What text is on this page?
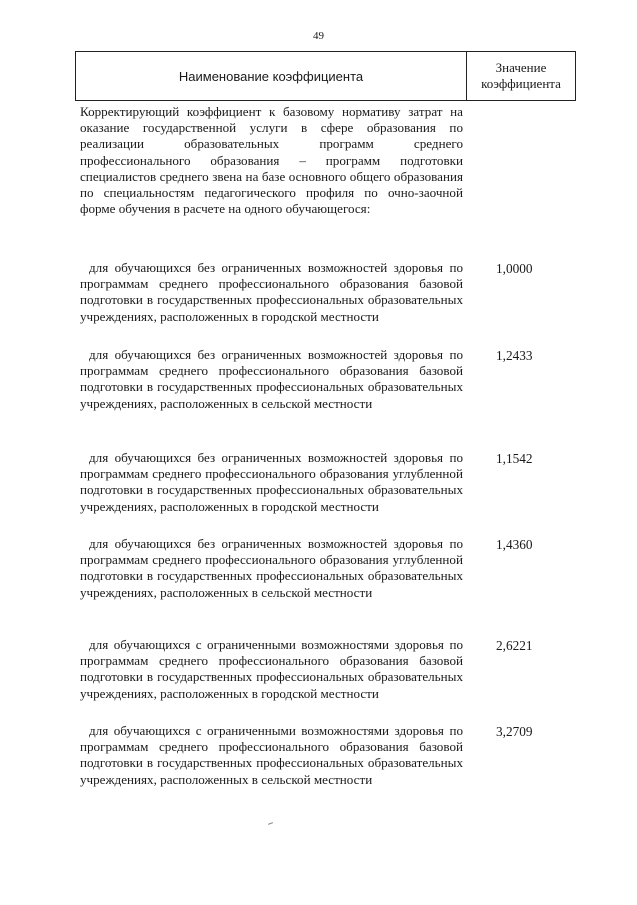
49
Наименование коэффициента
Значение
коэффициента

Корректирующий коэффициент к базовому нормативу затрат на оказание государственной услуги в сфере образования по реализации образовательных программ среднего профессионального образования – программ подготовки специалистов среднего звена на базе основного общего образования по специальностям педагогического профиля по очно-заочной форме обучения в расчете на одного обучающегося:

для обучающихся без ограниченных возможностей здоровья по программам среднего профессионального образования базовой подготовки в государственных профессиональных образовательных учреждениях, расположенных в городской местности

1,0000

для обучающихся без ограниченных возможностей здоровья по программам среднего профессионального образования базовой подготовки в государственных профессиональных образовательных учреждениях, расположенных в сельской местности

1,2433

для обучающихся без ограниченных возможностей здоровья по программам среднего профессионального образования углубленной подготовки в государственных профессиональных образовательных учреждениях, расположенных в городской местности

1,1542

для обучающихся без ограниченных возможностей здоровья по программам среднего профессионального образования углубленной подготовки в государственных профессиональных образовательных учреждениях, расположенных в сельской местности

1,4360

для обучающихся с ограниченными возможностями здоровья по программам среднего профессионального образования базовой подготовки в государственных профессиональных образовательных учреждениях, расположенных в городской местности

2,6221

для обучающихся с ограниченными возможностями здоровья по программам среднего профессионального образования базовой подготовки в государственных профессиональных образовательных учреждениях, расположенных в сельской местности

3,2709
